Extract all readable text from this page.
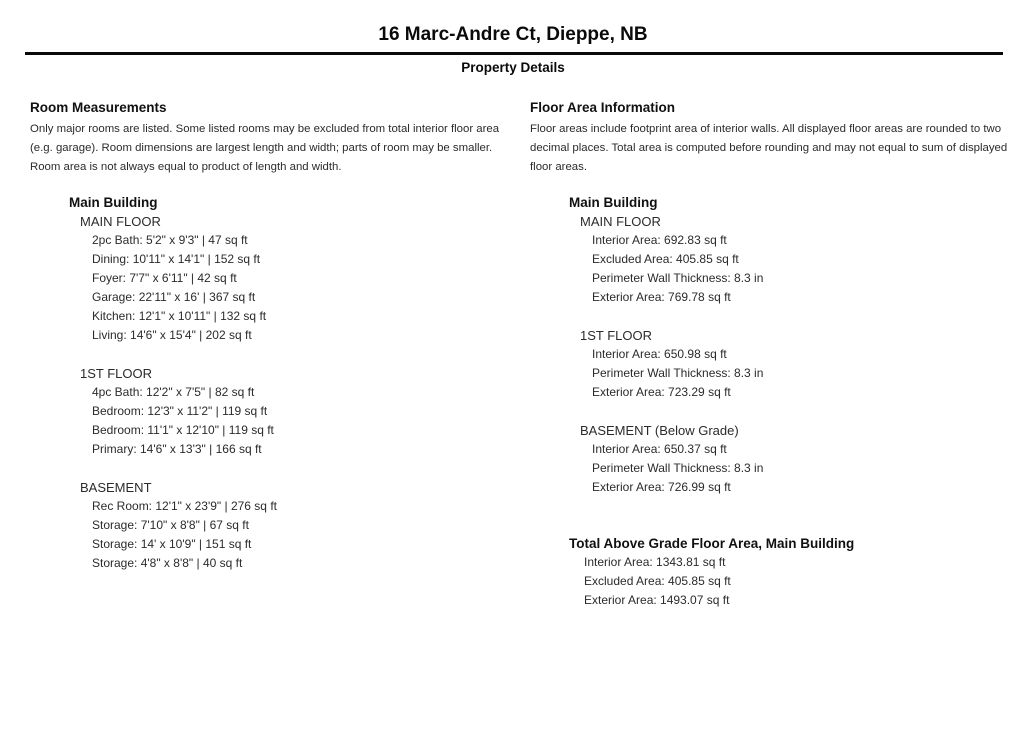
16 Marc-Andre Ct, Dieppe, NB
Property Details
Room Measurements

Only major rooms are listed. Some listed rooms may be excluded from total interior floor area (e.g. garage). Room dimensions are largest length and width; parts of room may be smaller. Room area is not always equal to product of length and width.

Main Building
MAIN FLOOR
2pc Bath: 5'2" x 9'3" | 47 sq ft
Dining: 10'11" x 14'1" | 152 sq ft
Foyer: 7'7" x 6'11" | 42 sq ft
Garage: 22'11" x 16' | 367 sq ft
Kitchen: 12'1" x 10'11" | 132 sq ft
Living: 14'6" x 15'4" | 202 sq ft
1ST FLOOR
4pc Bath: 12'2" x 7'5" | 82 sq ft
Bedroom: 12'3" x 11'2" | 119 sq ft
Bedroom: 11'1" x 12'10" | 119 sq ft
Primary: 14'6" x 13'3" | 166 sq ft
BASEMENT
Rec Room: 12'1" x 23'9" | 276 sq ft
Storage: 7'10" x 8'8" | 67 sq ft
Storage: 14' x 10'9" | 151 sq ft
Storage: 4'8" x 8'8" | 40 sq ft
Floor Area Information

Floor areas include footprint area of interior walls. All displayed floor areas are rounded to two decimal places. Total area is computed before rounding and may not equal to sum of displayed floor areas.

Main Building
MAIN FLOOR
Interior Area: 692.83 sq ft
Excluded Area: 405.85 sq ft
Perimeter Wall Thickness: 8.3 in
Exterior Area: 769.78 sq ft
1ST FLOOR
Interior Area: 650.98 sq ft
Perimeter Wall Thickness: 8.3 in
Exterior Area: 723.29 sq ft
BASEMENT (Below Grade)
Interior Area: 650.37 sq ft
Perimeter Wall Thickness: 8.3 in
Exterior Area: 726.99 sq ft
Total Above Grade Floor Area, Main Building
Interior Area: 1343.81 sq ft
Excluded Area: 405.85 sq ft
Exterior Area: 1493.07 sq ft
